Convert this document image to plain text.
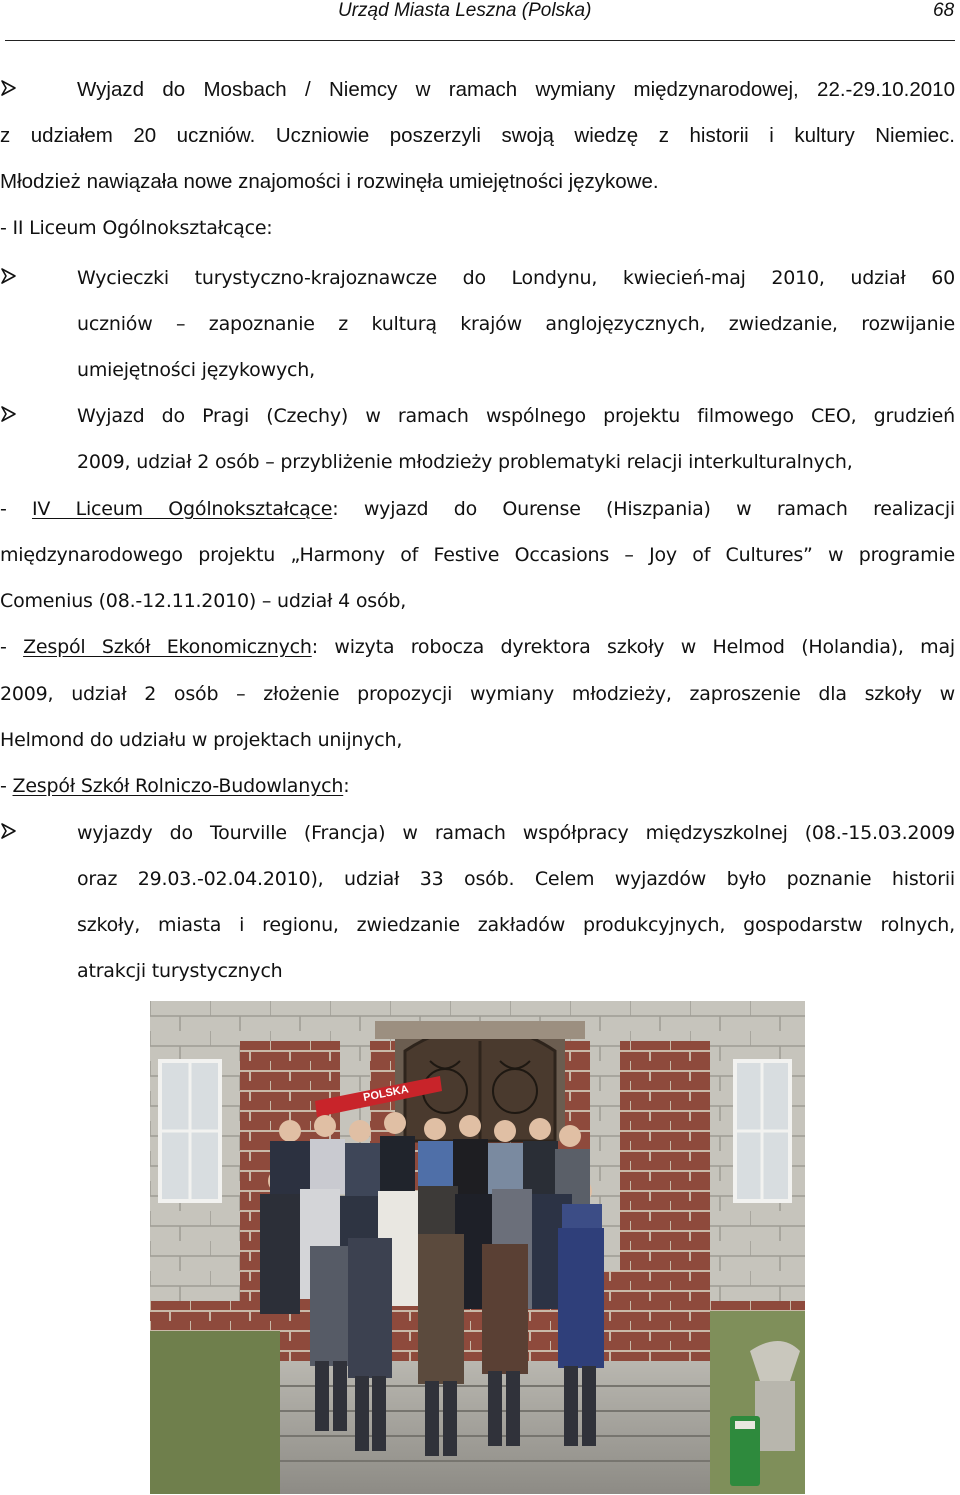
Urząd Miasta Leszna (Polska)	68
Wyjazd do Mosbach / Niemcy w ramach wymiany międzynarodowej, 22.-29.10.2010
z udziałem 20 uczniów. Uczniowie poszerzyli swoją wiedzę z historii i kultury Niemiec.
Młodzież nawiązała nowe znajomości i rozwinęła umiejętności językowe.
- II Liceum Ogólnokształcące:
Wycieczki turystyczno-krajoznawcze do Londynu, kwiecień-maj 2010, udział 60
uczniów – zapoznanie z kulturą krajów anglojęzycznych, zwiedzanie, rozwijanie
umiejętności językowych,
Wyjazd do Pragi (Czechy) w ramach wspólnego projektu filmowego CEO, grudzień
2009, udział 2 osób – przybliżenie młodzieży problematyki relacji interkulturalnych,
- IV Liceum Ogólnokształcące: wyjazd do Ourense (Hiszpania) w ramach realizacji
międzynarodowego projektu „Harmony of Festive Occasions – Joy of Cultures” w programie
Comenius (08.-12.11.2010) – udział 4 osób,
- Zespól Szkół Ekonomicznych: wizyta robocza dyrektora szkoły w Helmod (Holandia), maj
2009, udział 2 osób – złożenie propozycji wymiany młodzieży, zaproszenie dla szkoły w
Helmond do udziału w projektach unijnych,
- Zespół Szkół Rolniczo-Budowlanych:
wyjazdy do Tourville (Francja) w ramach współpracy międzyszkolnej (08.-15.03.2009
oraz 29.03.-02.04.2010), udział 33 osób. Celem wyjazdów było poznanie historii
szkoły, miasta i regionu, zwiedzanie zakładów produkcyjnych, gospodarstw rolnych,
atrakcji turystycznych
POLSKA
